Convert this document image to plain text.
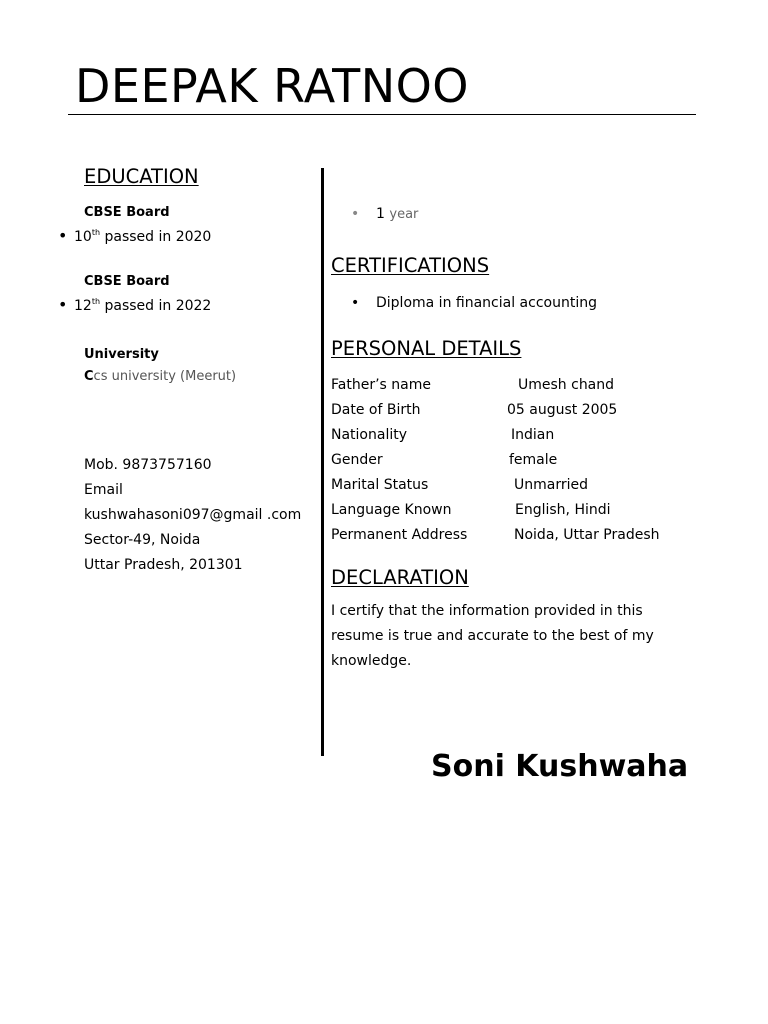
DEEPAK RATNOO
EDUCATION
CBSE Board
• 10th passed in 2020
CBSE Board
• 12th passed in 2022
University
Ccs university (Meerut)
Mob. 9873757160
Email
kushwahasoni097@gmail .com
Sector-49, Noida
Uttar Pradesh, 201301
• 1 year
CERTIFICATIONS
• Diploma in financial accounting
PERSONAL DETAILS
Father’s name	Umesh chand
Date of Birth	05 august 2005
Nationality	Indian
Gender	female
Marital Status	Unmarried
Language Known	English, Hindi
Permanent Address	Noida, Uttar Pradesh
DECLARATION
I certify that the information provided in this
resume is true and accurate to the best of my
knowledge.
Soni Kushwaha
